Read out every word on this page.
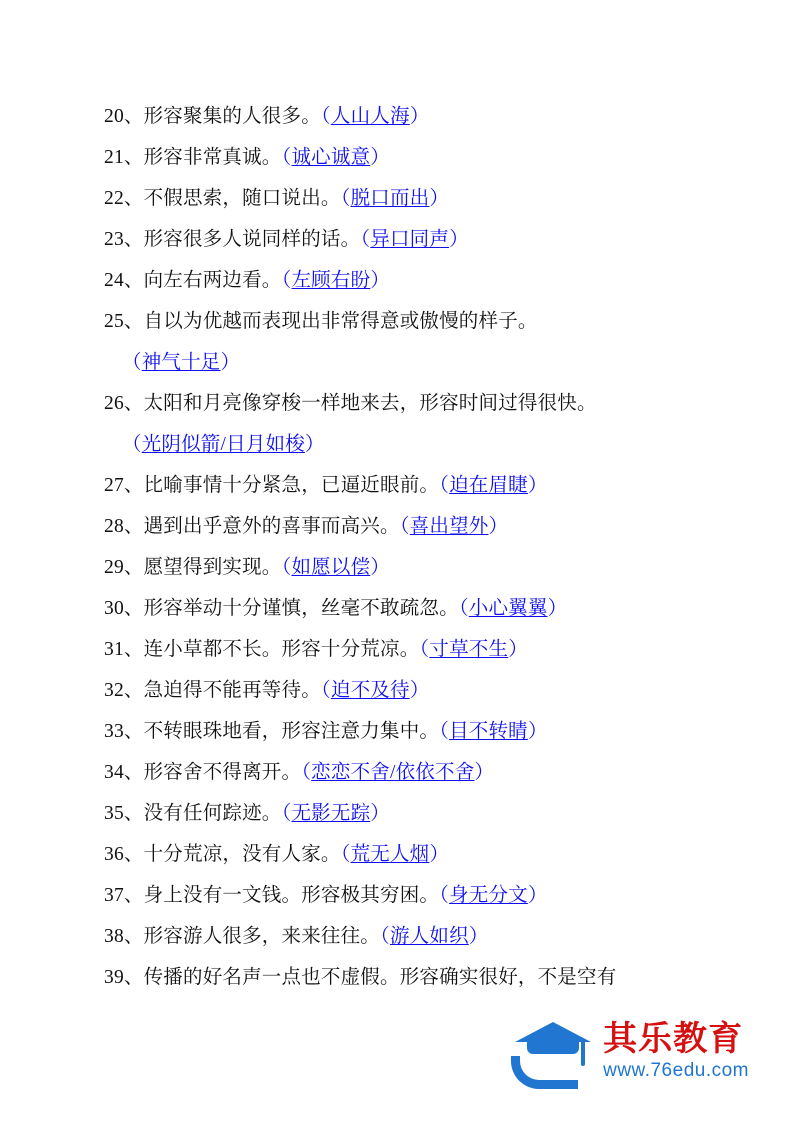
20、形容聚集的人很多。（人山人海）
21、形容非常真诚。（诚心诚意）
22、不假思索，随口说出。（脱口而出）
23、形容很多人说同样的话。（异口同声）
24、向左右两边看。（左顾右盼）
25、自以为优越而表现出非常得意或傲慢的样子。
（神气十足）
26、太阳和月亮像穿梭一样地来去，形容时间过得很快。
（光阴似箭/日月如梭）
27、比喻事情十分紧急，已逼近眼前。（迫在眉睫）
28、遇到出乎意外的喜事而高兴。（喜出望外）
29、愿望得到实现。（如愿以偿）
30、形容举动十分谨慎，丝毫不敢疏忽。（小心翼翼）
31、连小草都不长。形容十分荒凉。（寸草不生）
32、急迫得不能再等待。（迫不及待）
33、不转眼珠地看，形容注意力集中。（目不转睛）
34、形容舍不得离开。（恋恋不舍/依依不舍）
35、没有任何踪迹。（无影无踪）
36、十分荒凉，没有人家。（荒无人烟）
37、身上没有一文钱。形容极其穷困。（身无分文）
38、形容游人很多，来来往往。（游人如织）
39、传播的好名声一点也不虚假。形容确实很好，不是空有
其乐教育
www.76edu.com
